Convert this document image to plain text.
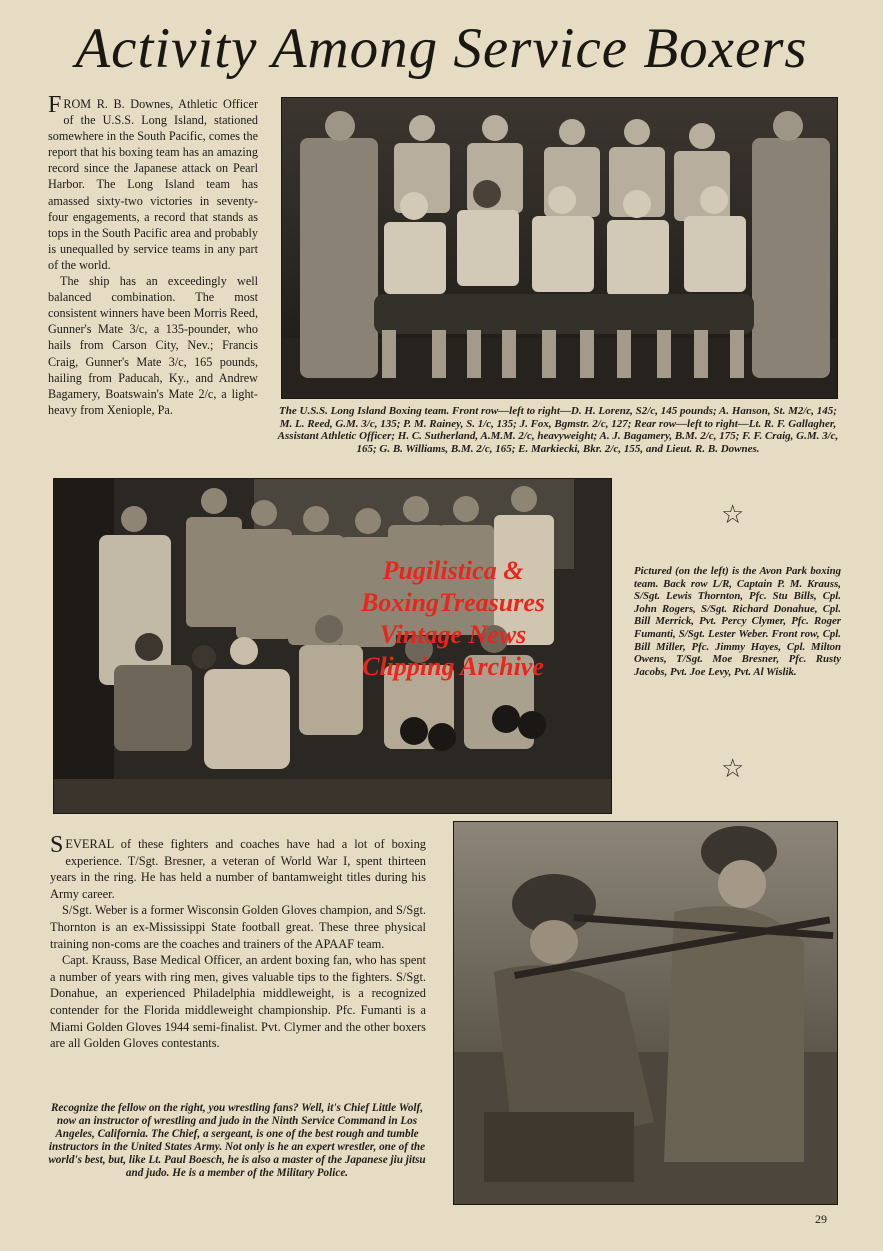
Activity Among Service Boxers

FROM R. B. Downes, Athletic Officer of the U.S.S. Long Island, stationed somewhere in the South Pacific, comes the report that his boxing team has an amazing record since the Japanese attack on Pearl Harbor. The Long Island team has amassed sixty-two victories in seventy-four engagements, a record that stands as tops in the South Pacific area and probably is unequalled by service teams in any part of the world.

The ship has an exceedingly well balanced combination. The most consistent winners have been Morris Reed, Gunner's Mate 3/c, a 135-pounder, who hails from Carson City, Nev.; Francis Craig, Gunner's Mate 3/c, 165 pounds, hailing from Paducah, Ky., and Andrew Bagamery, Boatswain's Mate 2/c, a light-heavy from Xeniople, Pa.	The U.S.S. Long Island Boxing team. Front row—left to right—D. H. Lorenz, S2/c, 145 pounds; A. Hanson, St. M2/c, 145; M. L. Reed, G.M. 3/c, 135; P. M. Rainey, S. 1/c, 135; J. Fox, Bgmstr. 2/c, 127; Rear row—left to right—Lt. R. F. Gallagher, Assistant Athletic Officer; H. C. Sutherland, A.M.M. 2/c, heavyweight; A. J. Bagamery, B.M. 2/c, 175; F. F. Craig, G.M. 3/c, 165; G. B. Williams, B.M. 2/c, 165; E. Markiecki, Bkr. 2/c, 155, and Lieut. R. B. Downes.
Pugilistica &
BoxingTreasures
Vintage News
Clipping Archive
☆
Pictured (on the left) is the Avon Park boxing team. Back row L/R, Captain P. M. Krauss, S/Sgt. Lewis Thornton, Pfc. Stu Bills, Cpl. John Rogers, S/Sgt. Richard Donahue, Cpl. Bill Merrick, Pvt. Percy Clymer, Pfc. Roger Fumanti, S/Sgt. Lester Weber. Front row, Cpl. Bill Miller, Pfc. Jimmy Hayes, Cpl. Milton Owens, T/Sgt. Moe Bresner, Pfc. Rusty Jacobs, Pvt. Joe Levy, Pvt. Al Wislik.
☆

SEVERAL of these fighters and coaches have had a lot of boxing experience. T/Sgt. Bresner, a veteran of World War I, spent thirteen years in the ring. He has held a number of bantamweight titles during his Army career.

S/Sgt. Weber is a former Wisconsin Golden Gloves champion, and S/Sgt. Thornton is an ex-Mississippi State football great. These three physical training non-coms are the coaches and trainers of the APAAF team.

Capt. Krauss, Base Medical Officer, an ardent boxing fan, who has spent a number of years with ring men, gives valuable tips to the fighters. S/Sgt. Donahue, an experienced Philadelphia middleweight, is a recognized contender for the Florida middleweight championship. Pfc. Fumanti is a Miami Golden Gloves 1944 semi-finalist. Pvt. Clymer and the other boxers are all Golden Gloves contestants.

Recognize the fellow on the right, you wrestling fans? Well, it's Chief Little Wolf, now an instructor of wrestling and judo in the Ninth Service Command in Los Angeles, California. The Chief, a sergeant, is one of the best rough and tumble instructors in the United States Army. Not only is he an expert wrestler, one of the world's best, but, like Lt. Paul Boesch, he is also a master of the Japanese jiu jitsu and judo. He is a member of the Military Police.
29
